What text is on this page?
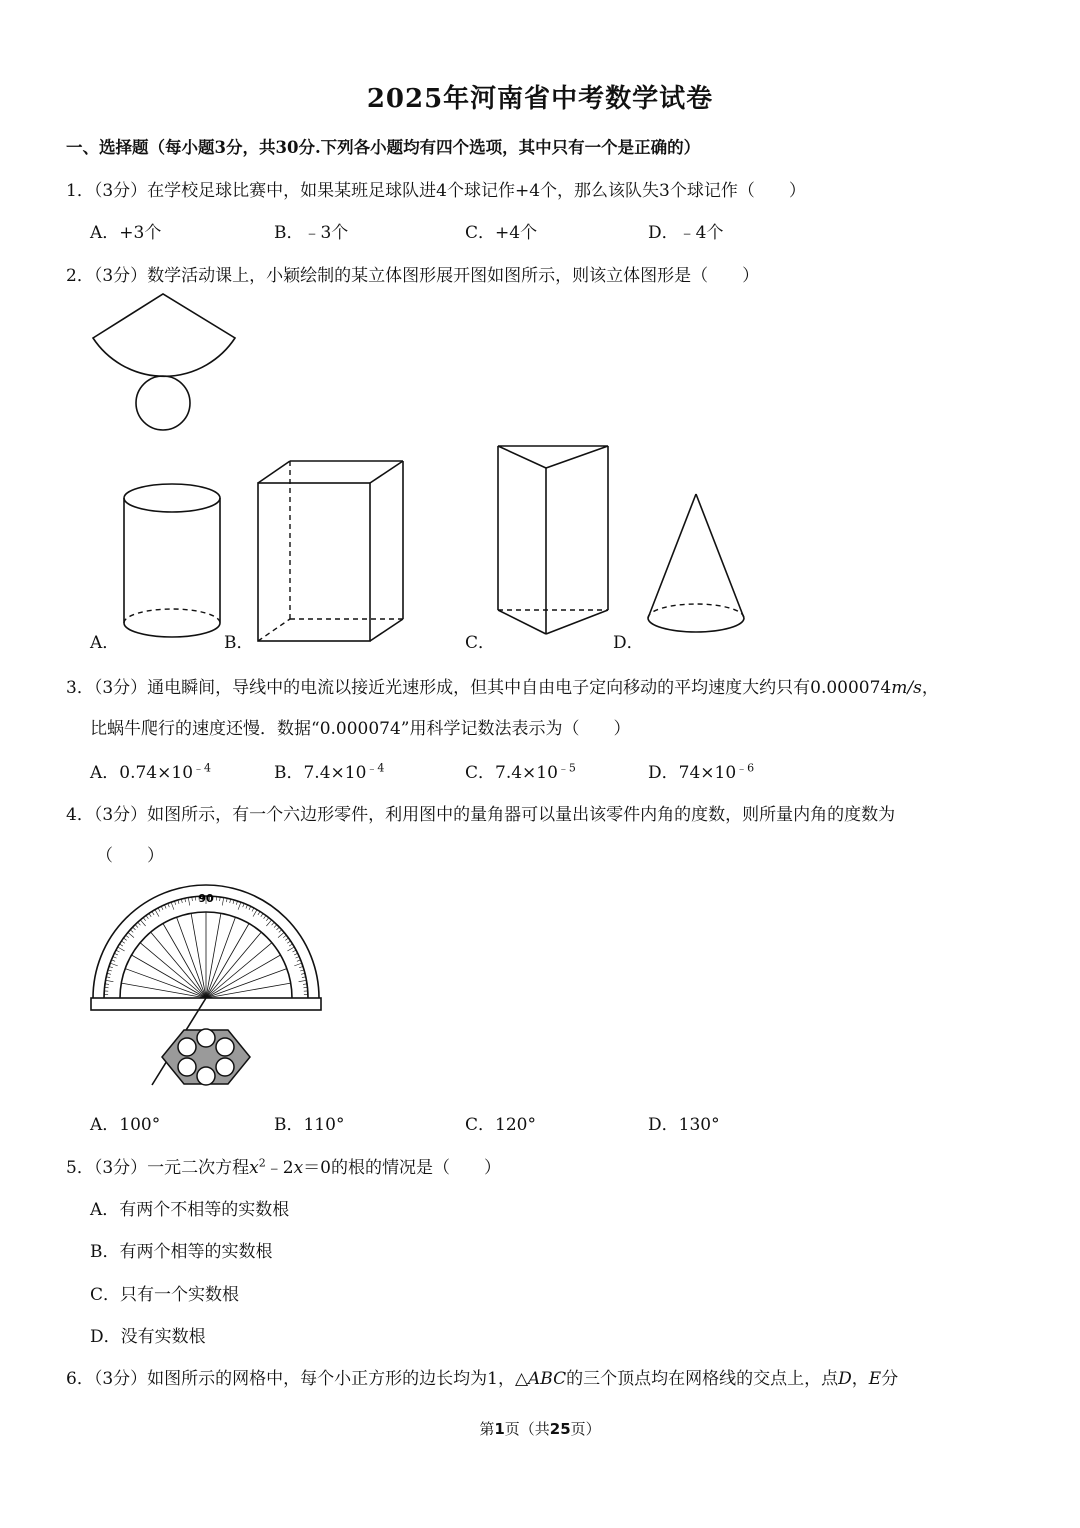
2025年河南省中考数学试卷
一、选择题（每小题3分，共30分.下列各小题均有四个选项，其中只有一个是正确的）
1．（3分）在学校足球比赛中，如果某班足球队进4个球记作+4个，那么该队失3个球记作（　　）
A．+3个	B．﹣3个	C．+4个	D．﹣4个
2．（3分）数学活动课上，小颖绘制的某立体图形展开图如图所示，则该立体图形是（　　）
A．	B．	C．	D．
3．（3分）通电瞬间，导线中的电流以接近光速形成，但其中自由电子定向移动的平均速度大约只有0.000074m/s，
比蜗牛爬行的速度还慢．数据“0.000074”用科学记数法表示为（　　）
A．$0.74\times 10^{﹣4}$	B．$7.4\times 10^{﹣4}$	C．$7.4\times 10^{﹣5}$	D．$74\times 10^{﹣6}$
4．（3分）如图所示，有一个六边形零件，利用图中的量角器可以量出该零件内角的度数，则所量内角的度数为
（　　）
90
A．100°	B．110°	C．120°	D．130°
5．（3分）一元二次方程$x^2﹣2x=0$的根的情况是（　　）
A．有两个不相等的实数根
B．有两个相等的实数根
C．只有一个实数根
D．没有实数根
6．（3分）如图所示的网格中，每个小正方形的边长均为1，△ABC的三个顶点均在网格线的交点上，点D，E分
第1页（共25页）
